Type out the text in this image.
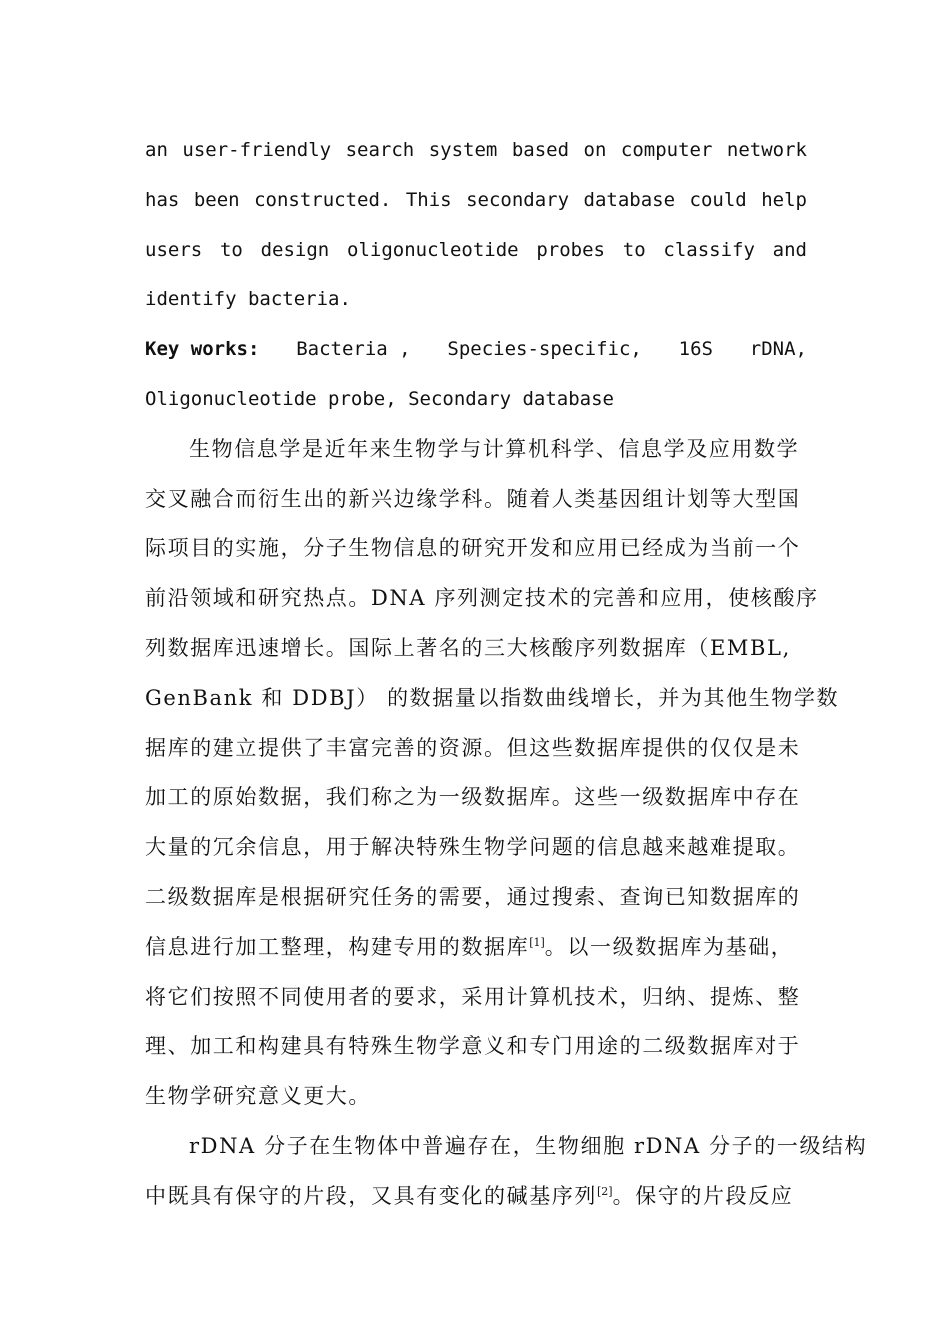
an user-friendly search system based on computer network

has been constructed. This secondary database could help

users to design oligonucleotide probes to classify and

identify bacteria.

Key works: Bacteria , Species-specific, 16S rDNA,

Oligonucleotide probe, Secondary database

生物信息学是近年来生物学与计算机科学、信息学及应用数学
交叉融合而衍生出的新兴边缘学科。随着人类基因组计划等大型国
际项目的实施，分子生物信息的研究开发和应用已经成为当前一个
前沿领域和研究热点。DNA 序列测定技术的完善和应用，使核酸序
列数据库迅速增长。国际上著名的三大核酸序列数据库（EMBL,
GenBank 和 DDBJ） 的数据量以指数曲线增长，并为其他生物学数
据库的建立提供了丰富完善的资源。但这些数据库提供的仅仅是未
加工的原始数据，我们称之为一级数据库。这些一级数据库中存在
大量的冗余信息，用于解决特殊生物学问题的信息越来越难提取。
二级数据库是根据研究任务的需要，通过搜索、查询已知数据库的
信息进行加工整理，构建专用的数据库[1]。以一级数据库为基础，
将它们按照不同使用者的要求，采用计算机技术，归纳、提炼、整
理、加工和构建具有特殊生物学意义和专门用途的二级数据库对于
生物学研究意义更大。
rDNA 分子在生物体中普遍存在，生物细胞 rDNA 分子的一级结构
中既具有保守的片段，又具有变化的碱基序列[2]。保守的片段反应
